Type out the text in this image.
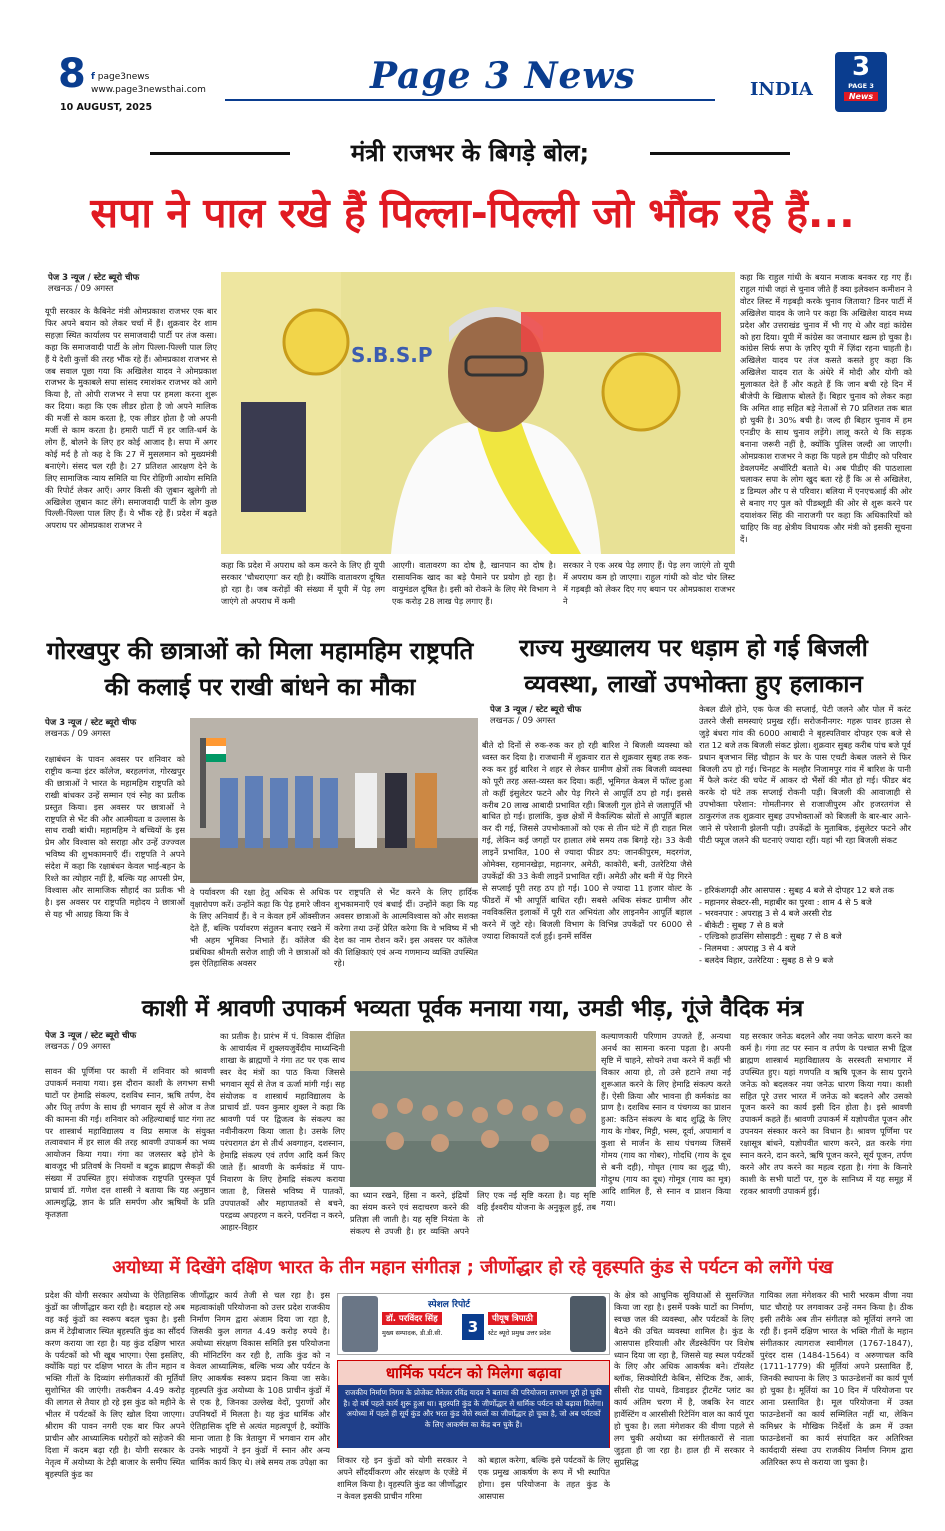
8 f page3news
www.page3newsthai.com
10 AUGUST, 2025
Page 3 News	INDIA
3
PAGE 3
News
मंत्री राजभर के बिगड़े बोल;
सपा ने पाल रखे हैं पिल्ला-पिल्ली जो भौंक रहे हैं...
पेज 3 न्यूज / स्टेट ब्यूरो चीफ
लखनऊ / 09 अगस्त
यूपी सरकार के कैबिनेट मंत्री ओमप्रकाश राजभर एक बार फिर अपने बयान को लेकर चर्चा में हैं। शुक्रवार देर शाम सहज़ा स्थित कार्यालय पर समाजवादी पार्टी पर तंज कसा। कहा कि समाजवादी पार्टी के लोग पिल्ला-पिल्ली पाल लिए हैं ये देशी कुत्तों की तरह भौंक रहे हैं। ओमप्रकाश राजभर से जब सवाल पूछा गया कि अखिलेश यादव ने ओमप्रकाश राजभर के मुकाबले सपा सांसद रमाशंकर राजभर को आगे किया है, तो ओपी राजभर ने सपा पर हमला करना शुरू कर दिया। कहा कि एक लीडर होता है जो अपने मालिक की मर्जी से काम करता है, एक लीडर होता है जो अपनी मर्जी से काम करता है। हमारी पार्टी में हर जाति-धर्म के लोग हैं, बोलने के लिए हर कोई आजाद है। सपा में अगर कोई मर्द है तो कह दे कि 27 में मुसलमान को मुख्यमंत्री बनाएंगे। संसद चल रही है। 27 प्रतिशत आरक्षण देने के लिए सामाजिक न्याय समिति या पिर रोहिणी आयोग समिति की रिपोर्ट लेकर आएँ। अगर किसी की ज़ुबान खुलेगी तो अखिलेश ज़ुबान काट लेंगे। समाजवादी पार्टी के लोग कुछ पिल्ली-पिल्ला पाल लिए हैं। ये भौंक रहे हैं। प्रदेश में बढ़ते अपराध पर ओमप्रकाश राजभर ने
S.B.S.P
कहा कि प्रदेश में अपराध को कम करने के लिए ही यूपी सरकार 'चौधराएगा' कर रही है। क्योंकि वातावरण दूषित हो रहा है। जब करोड़ों की संख्या में यूपी में पेड़ लग जाएंगे तो अपराध में कमी
आएगी। वातावरण का दोष है, खानपान का दोष है। रासायनिक खाद का बड़े पैमाने पर प्रयोग हो रहा है। वायुमंडल दूषित है। इसी को रोकने के लिए मेरे विभाग ने एक करोड़ 28 लाख पेड़ लगाए हैं।
सरकार ने एक अरब पेड़ लगाए हैं। पेड़ लग जाएंगे तो यूपी में अपराध कम हो जाएगा। राहुल गांधी को वोट चोर लिस्ट में गड़बड़ी को लेकर दिए गए बयान पर ओमप्रकाश राजभर ने
कहा कि राहुल गांधी के बयान मजाक बनकर रह गए हैं। राहुल गांधी जहां से चुनाव जीते हैं क्या इलेक्शन कमीशन ने वोटर लिस्ट में गड़बड़ी करके चुनाव जिताया? डिनर पार्टी में अखिलेश यादव के जाने पर कहा कि अखिलेश यादव मध्य प्रदेश और उत्तराखंड चुनाव में भी गए थे और वहां कांग्रेस को हरा दिया। यूपी में कांग्रेस का जनाधार खत्म हो चुका है। कांग्रेस सिर्फ सपा के ज़रिए यूपी में ज़िंदा रहना चाहती है। अखिलेश यादव पर तंज कसते कसते हुए कहा कि अखिलेश यादव रात के अंधेरे में मोदी और योगी को मुलाकात देते हैं और कहते हैं कि जान बची रहे दिन में बीजेपी के खिलाफ बोलते हैं। बिहार चुनाव को लेकर कहा कि अमित शाह सहित बड़े नेताओं से 70 प्रतिशत तक बात हो चुकी है। 30% बची है। जल्द ही बिहार चुनाव में हम एनडीए के साथ चुनाव लड़ेंगे। लालू करते थे कि सड़क बनाना जरूरी नहीं है, क्योंकि पुलिस जल्दी आ जाएगी। ओमप्रकाश राजभर ने कहा कि पहले हम पीडीए को परिवार डेवलपमेंट अथॉरिटी बताते थे। अब पीडीए की पाठशाला चलाकर सपा के लोग खुद बता रहे हैं कि अ से अखिलेश, ड डिम्पल और प से परिवार। बलिया में एनएचआई की ओर से बनाए गए पुल को पीडब्लूडी की ओर से शुरू करने पर दयाशंकर सिंह की नाराजगी पर कहा कि अधिकारियों को चाहिए कि वह क्षेत्रीय विधायक और मंत्री को इसकी सूचना दें।
गोरखपुर की छात्राओं को मिला महामहिम राष्ट्रपति की कलाई पर राखी बांधने का मौका
पेज 3 न्यूज / स्टेट ब्यूरो चीफ
लखनऊ / 09 अगस्त
रक्षाबंधन के पावन अवसर पर शनिवार को राष्ट्रीय कन्या इंटर कॉलेज, बरहलगंज, गोरखपुर की छात्राओं ने भारत के महामहिम राष्ट्रपति को राखी बांधकर उन्हें सम्मान एवं स्नेह का प्रतीक प्रस्तुत किया। इस अवसर पर छात्राओं ने राष्ट्रपति से भेंट की और आत्मीयता व उल्लास के साथ राखी बांधी। महामहिम ने बच्चियों के इस प्रेम और विश्वास को सराहा और उन्हें उज्ज्वल भविष्य की शुभकामनाएँ दीं। राष्ट्रपति ने अपने संदेश में कहा कि रक्षाबंधन केवल भाई-बहन के रिश्ते का त्योहार नहीं है, बल्कि यह आपसी प्रेम, विश्वास और सामाजिक सौहार्द का प्रतीक भी है। इस अवसर पर राष्ट्रपति महोदय ने छात्राओं से यह भी आग्रह किया कि वे
वे पर्यावरण की रक्षा हेतु अधिक से अधिक वृक्षारोपण करें। उन्होंने कहा कि पेड़ हमारे जीवन के लिए अनिवार्य हैं। वे न केवल हमें ऑक्सीजन देते हैं, बल्कि पर्यावरण संतुलन बनाए रखने में भी अहम भूमिका निभाते हैं। कॉलेज की प्रबंधिका श्रीमती सरोज शाही जी ने छात्राओं को इस ऐतिहासिक अवसर
पर राष्ट्रपति से भेंट करने के लिए हार्दिक शुभकामनाएँ एवं बधाई दीं। उन्होंने कहा कि यह अवसर छात्राओं के आत्मविश्वास को और सशक्त करेगा तथा उन्हें प्रेरित करेगा कि वे भविष्य में भी देश का नाम रोशन करें। इस अवसर पर कॉलेज की शिक्षिकाएं एवं अन्य गणमान्य व्यक्ति उपस्थित रहे।
राज्य मुख्यालय पर धड़ाम हो गई बिजली व्यवस्था, लाखों उपभोक्ता हुए हलाकान
पेज 3 न्यूज / स्टेट ब्यूरो चीफ
लखनऊ / 09 अगस्त
बीते दो दिनों से रुक-रुक कर हो रही बारिश ने बिजली व्यवस्था को ध्वस्त कर दिया है। राजधानी में शुक्रवार रात से शुक्रवार सुबह तक रुक-रुक कर हुई बारिश ने शहर से लेकर ग्रामीण क्षेत्रों तक बिजली व्यवस्था को पूरी तरह अस्त-व्यस्त कर दिया। कहीं, भूमिगत केबल में फॉल्ट हुआ तो कहीं इंसुलेटर फटने और पेड़ गिरने से आपूर्ति ठप हो गई। इससे करीब 20 लाख आबादी प्रभावित रही। बिजली गुल होने से जलापूर्ति भी बाधित हो गई। हालांकि, कुछ क्षेत्रों में वैकल्पिक स्रोतों से आपूर्ति बहाल कर दी गई, जिससे उपभोक्ताओं को एक से तीन घंटे में ही राहत मिल गई, लेकिन कई जगहों पर हालात लंबे समय तक बिगड़े रहे। 33 केवी लाइनें प्रभावित, 100 से ज्यादा फीडर ठप: जानकीपुरम, मदरगंज, ओमेक्स, रहमानखेड़ा, महानगर, अमेठी, काकोरी, बनी, उतरेटिया जैसे उपकेंद्रों की 33 केवी लाइनें प्रभावित रहीं। अमेठी और बनी में पेड़ गिरने से सप्लाई पूरी तरह ठप हो गई। 100 से ज्यादा 11 हजार वोल्ट के फीडरों में भी आपूर्ति बाधित रही। सबसे अधिक संकट ग्रामीण और नवविकसित इलाकों में पूरी रात अभियंता और लाइनमैन आपूर्ति बहाल करने में जुटे रहे। बिजली विभाग के विभिन्न उपकेंद्रों पर 6000 से ज्यादा शिकायतें दर्ज हुईं। इनमें सर्विस
केबल ढीले होने, एक फेज की सप्लाई, पेटी जलने और पोल में करंट उतरने जैसी समस्याएं प्रमुख रहीं। सरोजनीनगर: गहरू पावर हाउस से जुड़े बंधरा गांव की 6000 आबादी ने बृहस्पतिवार दोपहर एक बजे से रात 12 बजे तक बिजली संकट झेला। शुक्रवार सुबह करीब पांच बजे पूर्व प्रधान बृजभान सिंह चौहान के घर के पास एचटी केबल जलने से फिर बिजली ठप हो गई। चिनहट के मल्हौर निजामपुर गांव में बारिश के पानी में फैले करंट की चपेट में आकर दो भैंसों की मौत हो गई। फीडर बंद करके दो घंटे तक सप्लाई रोकनी पड़ी। बिजली की आवाजाही से उपभोक्ता परेशान: गोमतीनगर से राजाजीपुरम और हजरतगंज से ठाकुरगंज तक शुक्रवार सुबह उपभोक्ताओं को बिजली के बार-बार आने-जाने से परेशानी झेलनी पड़ी। उपकेंद्रों के मुताबिक, इंसुलेटर फटने और पीटी फ्यूज जलने की घटनाएं ज्यादा रहीं। यहां भी रहा बिजली संकट
- हरिकंशगढ़ी और आसपास : सुबह 4 बजे से दोपहर 12 बजे तक
- महानगर सेक्टर-सी, महाबीर का पुरवा : शाम 4 से 5 बजे
- भरवनपार : अपराह्न 3 से 4 बजे अरसी रोड
- बीकेटी : सुबह 7 से 8 बजे
- एल्डिको हाउसिंग सोसाइटी : सुबह 7 से 8 बजे
- निलमथा : अपराह्न 3 से 4 बजे
- बलदेव विहार, उतरेटिया : सुबह 8 से 9 बजे
काशी में श्रावणी उपाकर्म भव्यता पूर्वक मनाया गया, उमडी भीड़, गूंजे वैदिक मंत्र
पेज 3 न्यूज / स्टेट ब्यूरो चीफ
लखनऊ / 09 अगस्त
सावन की पूर्णिमा पर काशी में शनिवार को श्रावणी उपाकर्म मनाया गया। इस दौरान काशी के लगभग सभी घाटों पर हेमाद्रि संकल्प, दशविध स्नान, ऋषि तर्पण, देव और पितृ तर्पण के साथ ही भगवान सूर्य से ओज व तेज की कामना की गई। शनिवार को अहिल्याबाई घाट गंगा तट पर शास्त्रार्थ महाविद्यालय व विप्र समाज के संयुक्त तत्वावधान में हर साल की तरह श्रावणी उपाकर्म का भव्य आयोजन किया गया। गंगा का जलस्तर बढ़े होने के बावजूद भी प्रतिवर्ष के नियमों व बटुक ब्राह्मण सैकड़ों की संख्या में उपस्थित हुए। संयोजक राष्ट्रपति पुरस्कृत पूर्व प्राचार्य डॉ. गणेश दत्त शास्त्री ने बताया कि यह अनुष्ठान आत्मशुद्धि, ज्ञान के प्रति समर्पण और ऋषियों के प्रति कृतज्ञता
का प्रतीक है। प्रारंभ में पं. विकास दीक्षित के आचार्यत्व में शुक्लयजुर्वेदीय माध्यन्दिनी शाखा के ब्राह्मणों ने गंगा तट पर एक साथ स्वर वेद मंत्रों का पाठ किया जिससे भगवान सूर्य से तेज व ऊर्जा मांगी गई। सह संयोजक व शास्त्रार्थ महाविद्यालय के प्राचार्य डॉ. पवन कुमार शुक्ल ने कहा कि श्रावणी पर्व पर द्विजत्व के संकल्प का नवीनीकरण किया जाता है। उसके लिए परंपरागत ढंग से तीर्थ अवगाहन, दशस्नान, हेमाद्रि संकल्प एवं तर्पण आदि कर्म किए जाते हैं। श्रावणी के कर्मकांड में पाप-निवारण के लिए हेमाद्रि संकल्प कराया जाता है, जिससे भविष्य में पातकों, उपपातकों और महापातकों से बचने, परद्रव्य अपहरण न करने, परनिंदा न करने, आहार-विहार
का ध्यान रखने, हिंसा न करने, इंद्रियों का संयम करने एवं सदाचरण करने की प्रतिज्ञा ली जाती है। यह सृष्टि नियंता के संकल्प से उपजी है। हर व्यक्ति अपने लिए एक नई सृष्टि करता है। यह सृष्टि वहि ईश्वरीय योजना के अनुकूल हुई, तब तो
कल्याणकारी परिणाम उपजते हैं, अन्यथा अनर्थ का सामना करना पड़ता है। अपनी सृष्टि में चाहने, सोचने तथा करने में कहीं भी विकार आया हो, तो उसे हटाने तथा नई शुरूआत करने के लिए हेमाद्रि संकल्प करते हैं। ऐसी क्रिया और भावना ही कर्मकांड का प्राण है। दशविध स्नान व पंचगव्य का प्राशन हुआ: कठिन संकल्प के बाद शुद्धि के लिए गाय के गोबर, मिट्टी, भस्म, दूर्वा, अपामार्ग व कुशा से मार्जन के साथ पंचगव्य जिसमें गोमय (गाय का गोबर), गोदधि (गाय के दूध से बनी दही), गोघृत (गाय का शुद्ध घी), गोदुग्ध (गाय का दूध) गोमूत्र (गाय का मूत्र) आदि शामिल हैं, से स्नान व प्राशन किया गया।
यह सरकार जनेऊ बदलने और नया जनेऊ धारण करने का कर्म है। गंगा तट पर स्नान व तर्पण के पश्चात सभी द्विज ब्राह्मण शास्त्रार्थ महाविद्यालय के सरस्वती सभागार में उपस्थित हुए। यहां गणपति व ऋषि पूजन के साथ पुराने जनेऊ को बदलकर नया जनेऊ धारण किया गया। काशी सहित पूरे उत्तर भारत में जनेऊ को बदलने और उसको पूजन करने का कार्य इसी दिन होता है। इसे श्रावणी उपाकर्म कहते हैं। श्रावणी उपाकर्म में यज्ञोपवीत पूजन और उपनयन संस्कार करने का विधान है। श्रावण पूर्णिमा पर रक्षासूत्र बांधने, यज्ञोपवीत धारण करने, व्रत करके गंगा स्नान करने, दान करने, ऋषि पूजन करने, सूर्य पूजन, तर्पण करने और तप करने का महत्व रहता है। गंगा के किनारे काशी के सभी घाटों पर, गुरु के सानिध्य में यह समूह में रहकर श्रावणी उपाकर्म हुई।
अयोध्या में दिखेंगे दक्षिण भारत के तीन महान संगीतज्ञ ; जीर्णोद्धार हो रहे वृहस्पति कुंड से पर्यटन को लगेंगे पंख
प्रदेश की योगी सरकार अयोध्या के ऐतिहासिक कुंडों का जीर्णोद्धार करा रही है। बदहाल रहे अब वह कई कुंडों का स्वरूप बदल चुका है। इसी क्रम में टेढ़ीबाजार स्थित बृहस्पति कुंड का सौंदर्य करण कराया जा रहा है। यह कुंड दक्षिण भारत के पर्यटकों को भी खूब भाएगा। ऐसा इसलिए, क्योंकि यहां पर दक्षिण भारत के तीन महान व भक्ति गीतों के दिव्यांग संगीतकारों की मूर्तियाँ सुशोभित की जाएंगी। तकरीबन 4.49 करोड़ की लागत से तैयार हो रहे इस कुंड को महीने के भीतर में पर्यटकों के लिए खोल दिया जाएगा। श्रीराम की पावन नगरी एक बार फिर अपने प्राचीन और आध्यात्मिक धरोहरों को सहेजने की दिशा में कदम बढ़ा रही है। योगी सरकार के नेतृत्व में अयोध्या के टेढ़ी बाजार के समीप स्थित बृहस्पति कुंड का
जीर्णोद्धार कार्य तेजी से चल रहा है। इस महत्वाकांक्षी परियोजना को उत्तर प्रदेश राजकीय निर्माण निगम द्वारा अंजाम दिया जा रहा है, जिसकी कुल लागत 4.49 करोड़ रुपये है। अयोध्या संरक्षण विकास समिति इस परियोजना की मॉनिटरिंग कर रही है, ताकि कुंड को न केवल आध्यात्मिक, बल्कि भव्य और पर्यटन के लिए आकर्षक स्वरूप प्रदान किया जा सके। वृहस्पति कुंड अयोध्या के 108 प्राचीन कुंडों में से एक है, जिनका उल्लेख वेदों, पुराणों और उपनिषदों में मिलता है। यह कुंड धार्मिक और ऐतिहासिक दृष्टि से अत्यंत महत्वपूर्ण है, क्योंकि माना जाता है कि त्रेतायुग में भगवान राम और उनके भाइयों ने इन कुंडों में स्नान और अन्य धार्मिक कार्य किए थे। लंबे समय तक उपेक्षा का
स्पेशल रिपोर्ट
डॉ. परविंदर सिंह
मुख्य सम्पादक, डी.डी.सी.	3	पीयूष त्रिपाठी
स्टेट ब्यूरो प्रमुख उत्तर प्रदेश
धार्मिक पर्यटन को मिलेगा बढ़ावा
राजकीय निर्माण निगम के प्रोजेक्ट मैनेजर रविंद्र यादव ने बताया की परियोजना लगभग पूरी हो चुकी है। दो वर्ष पहले कार्य शुरू हुआ था। बृहस्पति कुंड के जीर्णोद्धार से धार्मिक पर्यटन को बढ़ावा मिलेगा। अयोध्या में पहले ही सूर्य कुंड और भरत कुंड जैसे स्थलों का जीर्णोद्धार हो चुका है, जो अब पर्यटकों के लिए आकर्षण का केंद्र बन चुके हैं।
शिकार रहे इन कुंडों को योगी सरकार ने अपने सौंदर्यीकरण और संरक्षण के एजेंडे में शामिल किया है। वृहस्पति कुंड का जीर्णोद्धार न केवल इसकी प्राचीन गरिमा
को बहाल करेगा, बल्कि इसे पर्यटकों के लिए एक प्रमुख आकर्षण के रूप में भी स्थापित होगा। इस परियोजना के तहत कुंड के आसपास
के क्षेत्र को आधुनिक सुविधाओं से सुसज्जित किया जा रहा है। इसमें पक्के घाटों का निर्माण, स्वच्छ जल की व्यवस्था, और पर्यटकों के लिए बैठने की उचित व्यवस्था शामिल है। कुंड के आसपास हरियाली और लैंडस्केपिंग पर विशेष ध्यान दिया जा रहा है, जिससे यह स्थल पर्यटकों के लिए और अधिक आकर्षक बने। टॉयलेट ब्लॉक, सिक्योरिटी केबिन, सेप्टिक टैंक, आर्क, सीसी रोड पाथवे, डिवाइडर ट्रीटमेंट प्लांट का कार्य अंतिम चरण में है, जबकि रेन वाटर हार्वेस्टिंग व आरसीसी रिटेनिंग वाल का कार्य पूरा हो चुका है। लता मंगेशकर की वीणा पहले से लग चुकी अयोध्या का संगीतकारों से नाता जुड़ता ही जा रहा है। हाल ही में सरकार ने सुप्रसिद्ध
गायिका लता मंगेशकर की भारी भरकम वीणा नया घाट चौराहे पर लगवाकर उन्हें नमन किया है। ठीक इसी तरीके अब तीन संगीतज्ञ को मूर्तियां लगने जा रही हैं। इनमें दक्षिण भारत के भक्ति गीतों के महान संगीतकार त्यागराज स्वामीगल (1767-1847), पुरंदर दास (1484-1564) व अरुणाचल कवि (1711-1779) की मूर्तियां अपने प्रस्तावित हैं, जिनकी स्थापना के लिए 3 फाउन्डेशनों का कार्य पूर्ण हो चुका है। मूर्तियां का 10 दिन में परियोजना पर आना प्रस्तावित है। मूल परियोजना में उक्त फाउन्डेशनों का कार्य सम्मिलित नहीं था, लेकिन कमिश्नर के मौखिक निर्देशों के क्रम में उक्त फाउन्डेशनों का कार्य संपादित कर अतिरिक्त कार्यदायी संस्था उप राजकीय निर्माण निगम द्वारा अतिरिक्त रूप से कराया जा चुका है।
